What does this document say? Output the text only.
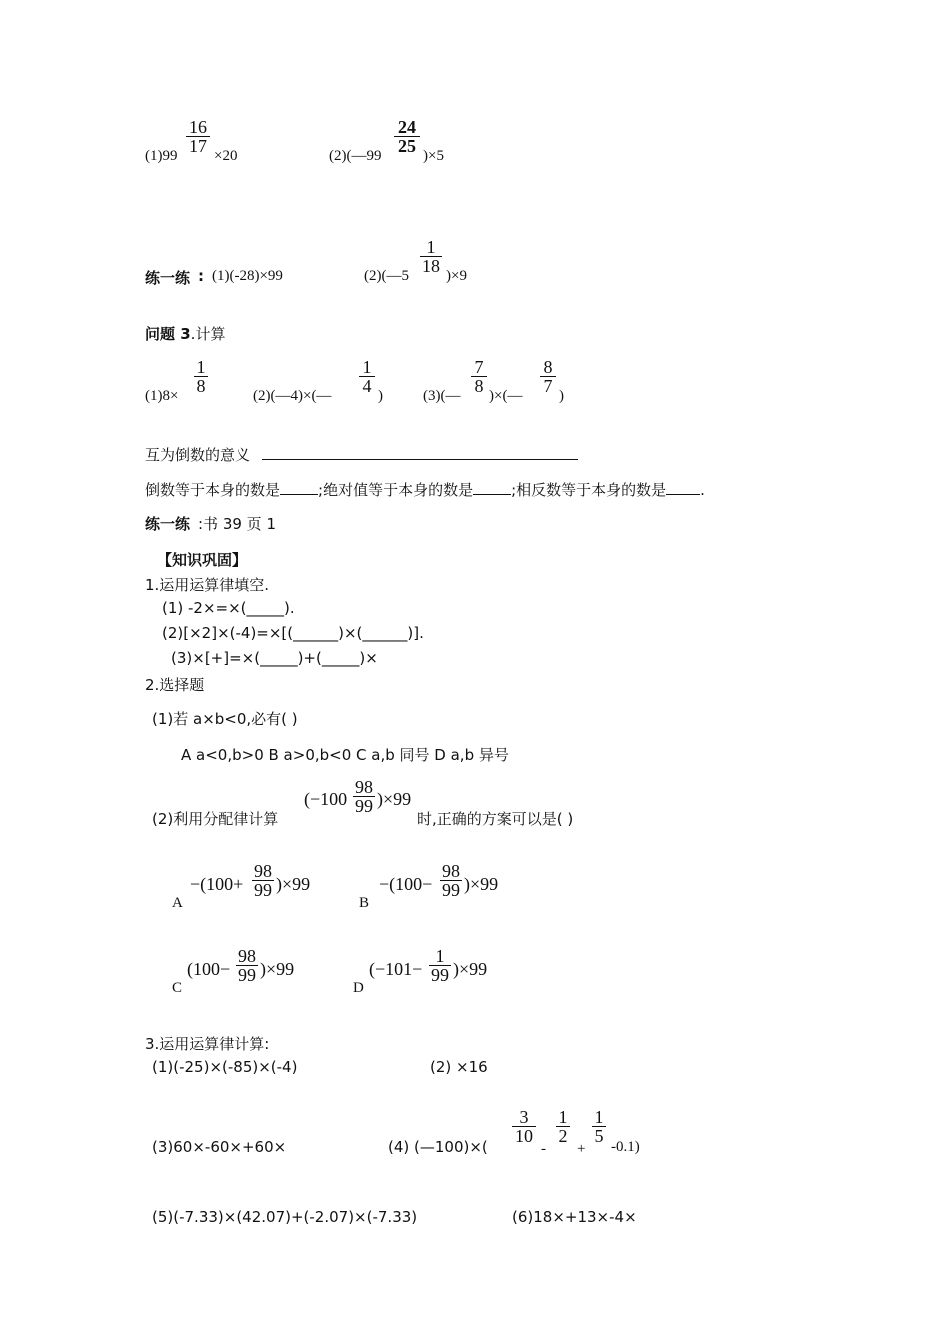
(1)99
16
17 ×20	(2)(—99
24
25 )×5
练一练 : (1)(-28)×99	(2)(—5
1
18 )×9
问题 3.计算
(1)8×
1
8	(2)(—4)×(—
1
4 )	(3)(—
7
8 )×(—
8
7 )
互为倒数的意义
倒数等于本身的数是	;绝对值等于本身的数是	;相反数等于本身的数是 .
练一练 :书 39 页 1
【知识巩固】
1.运用运算律填空.
(1) -2×=×(_____).
(2)[×2]×(-4)=×[(______)×(______)].
(3)×[+]=×(_____)+(_____)×
2.选择题
(1)若 a×b<0,必有( )
A a<0,b>0 B a>0,b<0 C a,b 同号 D a,b 异号
(2)利用分配律计算
(−100
98
99 )×99
时,正确的方案可以是( )
A
−(100+
98
99 )×99
B
−(100−
98
99 )×99
C
(100−
98
99 )×99
D
(−101−
1
99 )×99
3.运用运算律计算:
(1)(-25)×(-85)×(-4)	(2) ×16
(3)60×-60×+60×	(4) (—100)×(
3
10
-
1
2
+
1
5
-0.1)
(5)(-7.33)×(42.07)+(-2.07)×(-7.33)	(6)18×+13×-4×
